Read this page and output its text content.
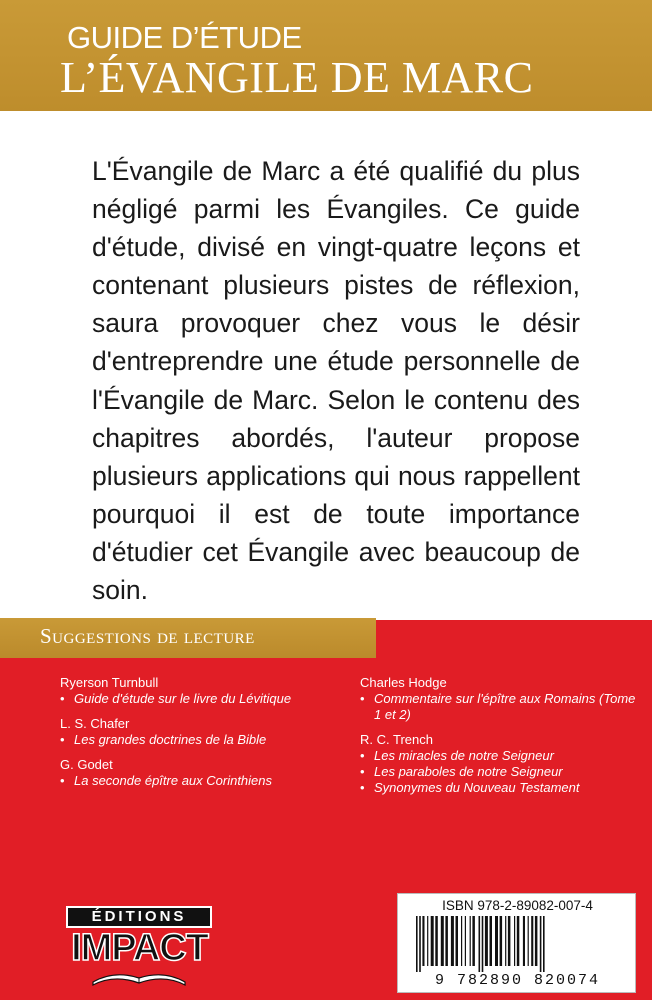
GUIDE D’ÉTUDE
L’ÉVANGILE DE MARC
L'Évangile de Marc a été qualifié du plus négligé parmi les Évangiles. Ce guide d'étude, divisé en vingt-quatre leçons et contenant plusieurs pistes de réflexion, saura provoquer chez vous le désir d'entreprendre une étude personnelle de l'Évangile de Marc. Selon le contenu des chapitres abordés, l'auteur propose plusieurs applications qui nous rappellent pourquoi il est de toute importance d'étudier cet Évangile avec beaucoup de soin.
Suggestions de lecture
Ryerson Turnbull
• Guide d'étude sur le livre du Lévitique
L. S. Chafer
• Les grandes doctrines de la Bible
G. Godet
• La seconde épître aux Corinthiens
Charles Hodge
• Commentaire sur l'épître aux Romains (Tome 1 et 2)
R. C. Trench
• Les miracles de notre Seigneur
• Les paraboles de notre Seigneur
• Synonymes du Nouveau Testament
ÉDITIONS
IMPACT
ISBN 978-2-89082-007-4
9 782890 820074
